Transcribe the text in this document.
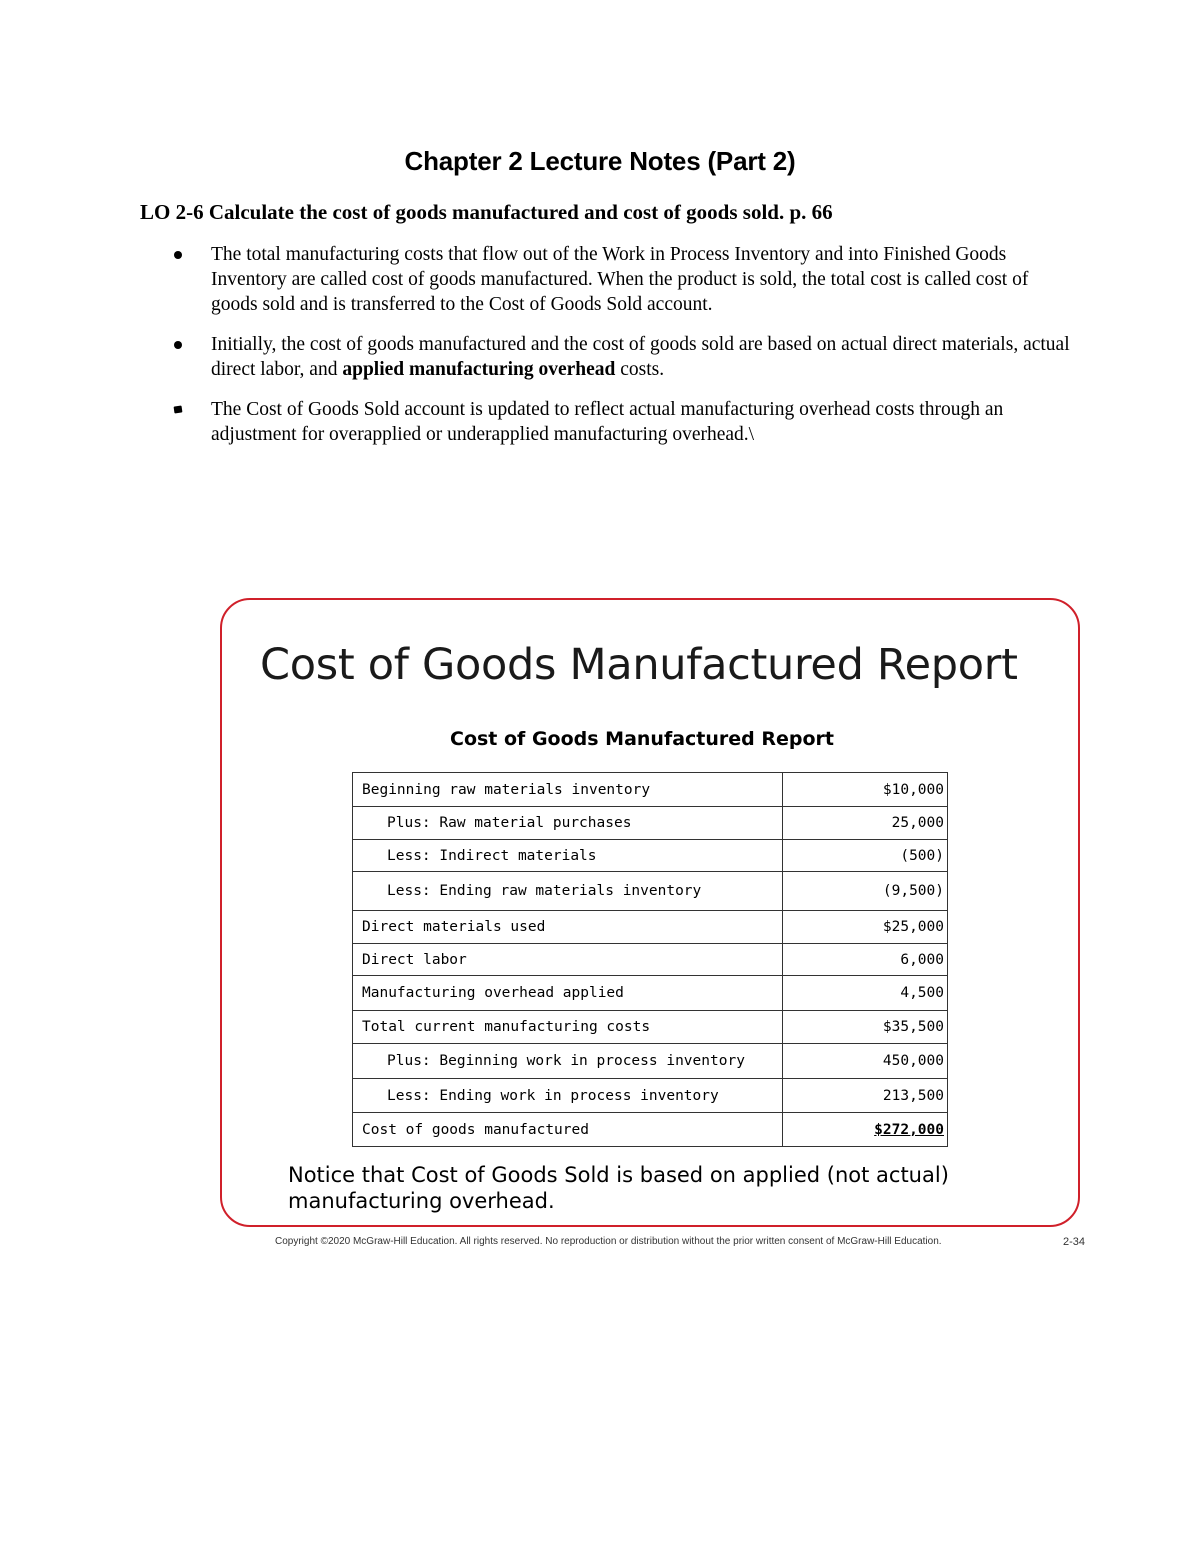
Chapter 2 Lecture Notes (Part 2)
LO 2-6 Calculate the cost of goods manufactured and cost of goods sold. p. 66
The total manufacturing costs that flow out of the Work in Process Inventory and into Finished Goods Inventory are called cost of goods manufactured. When the product is sold, the total cost is called cost of goods sold and is transferred to the Cost of Goods Sold account.
Initially, the cost of goods manufactured and the cost of goods sold are based on actual direct materials, actual direct labor, and applied manufacturing overhead costs.
The Cost of Goods Sold account is updated to reflect actual manufacturing overhead costs through an adjustment for overapplied or underapplied manufacturing overhead.\
Cost of Goods Manufactured Report
Cost of Goods Manufactured Report
Beginning raw materials inventory	$10,000
Plus: Raw material purchases	25,000
Less: Indirect materials	(500)
Less: Ending raw materials inventory	(9,500)
Direct materials used	$25,000
Direct labor	6,000
Manufacturing overhead applied	4,500
Total current manufacturing costs	$35,500
Plus: Beginning work in process inventory	450,000
Less: Ending work in process inventory	213,500
Cost of goods manufactured	$272,000
Notice that Cost of Goods Sold is based on applied (not actual) manufacturing overhead.
Copyright ©2020 McGraw-Hill Education. All rights reserved. No reproduction or distribution without the prior written consent of McGraw-Hill Education.	2-34
